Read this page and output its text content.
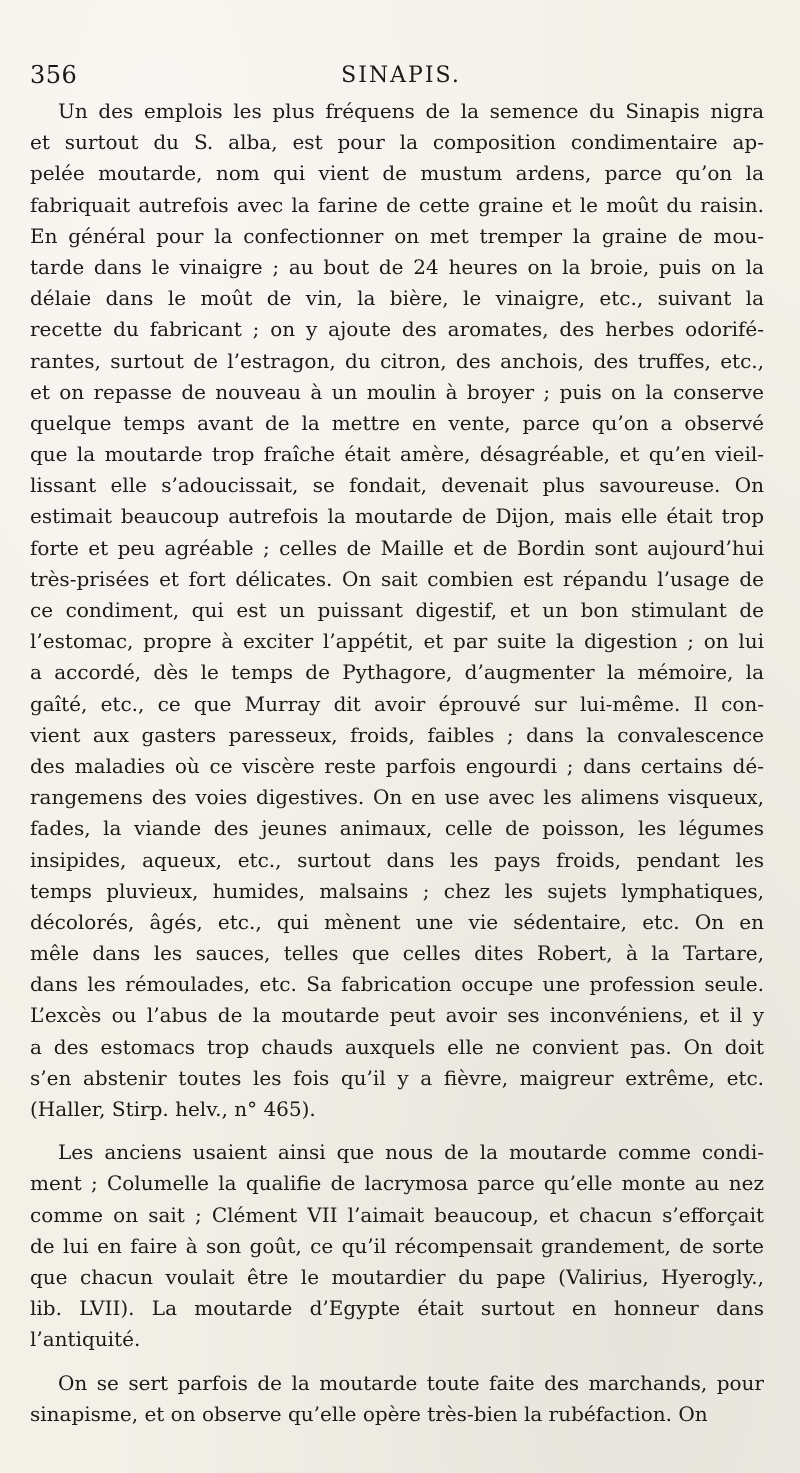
356	SINAPIS.
Un des emplois les plus fréquens de la semence du Sinapis nigra
et surtout du S. alba, est pour la composition condimentaire ap-
pelée moutarde, nom qui vient de mustum ardens, parce qu’on la
fabriquait autrefois avec la farine de cette graine et le moût du raisin.
En général pour la confectionner on met tremper la graine de mou-
tarde dans le vinaigre ; au bout de 24 heures on la broie, puis on la
délaie dans le moût de vin, la bière, le vinaigre, etc., suivant la
recette du fabricant ; on y ajoute des aromates, des herbes odorifé-
rantes, surtout de l’estragon, du citron, des anchois, des truffes, etc.,
et on repasse de nouveau à un moulin à broyer ; puis on la conserve
quelque temps avant de la mettre en vente, parce qu’on a observé
que la moutarde trop fraîche était amère, désagréable, et qu’en vieil-
lissant elle s’adoucissait, se fondait, devenait plus savoureuse. On
estimait beaucoup autrefois la moutarde de Dijon, mais elle était trop
forte et peu agréable ; celles de Maille et de Bordin sont aujourd’hui
très-prisées et fort délicates. On sait combien est répandu l’usage de
ce condiment, qui est un puissant digestif, et un bon stimulant de
l’estomac, propre à exciter l’appétit, et par suite la digestion ; on lui
a accordé, dès le temps de Pythagore, d’augmenter la mémoire, la
gaîté, etc., ce que Murray dit avoir éprouvé sur lui-même. Il con-
vient aux gasters paresseux, froids, faibles ; dans la convalescence
des maladies où ce viscère reste parfois engourdi ; dans certains dé-
rangemens des voies digestives. On en use avec les alimens visqueux,
fades, la viande des jeunes animaux, celle de poisson, les légumes
insipides, aqueux, etc., surtout dans les pays froids, pendant les
temps pluvieux, humides, malsains ; chez les sujets lymphatiques,
décolorés, âgés, etc., qui mènent une vie sédentaire, etc. On en
mêle dans les sauces, telles que celles dites Robert, à la Tartare,
dans les rémoulades, etc. Sa fabrication occupe une profession seule.
L’excès ou l’abus de la moutarde peut avoir ses inconvéniens, et il y
a des estomacs trop chauds auxquels elle ne convient pas. On doit
s’en abstenir toutes les fois qu’il y a fièvre, maigreur extrême, etc.
(Haller, Stirp. helv., n° 465).
Les anciens usaient ainsi que nous de la moutarde comme condi-
ment ; Columelle la qualifie de lacrymosa parce qu’elle monte au nez
comme on sait ; Clément VII l’aimait beaucoup, et chacun s’efforçait
de lui en faire à son goût, ce qu’il récompensait grandement, de sorte
que chacun voulait être le moutardier du pape (Valirius, Hyerogly.,
lib. LVII). La moutarde d’Egypte était surtout en honneur dans
l’antiquité.
On se sert parfois de la moutarde toute faite des marchands, pour
sinapisme, et on observe qu’elle opère très-bien la rubéfaction. On
